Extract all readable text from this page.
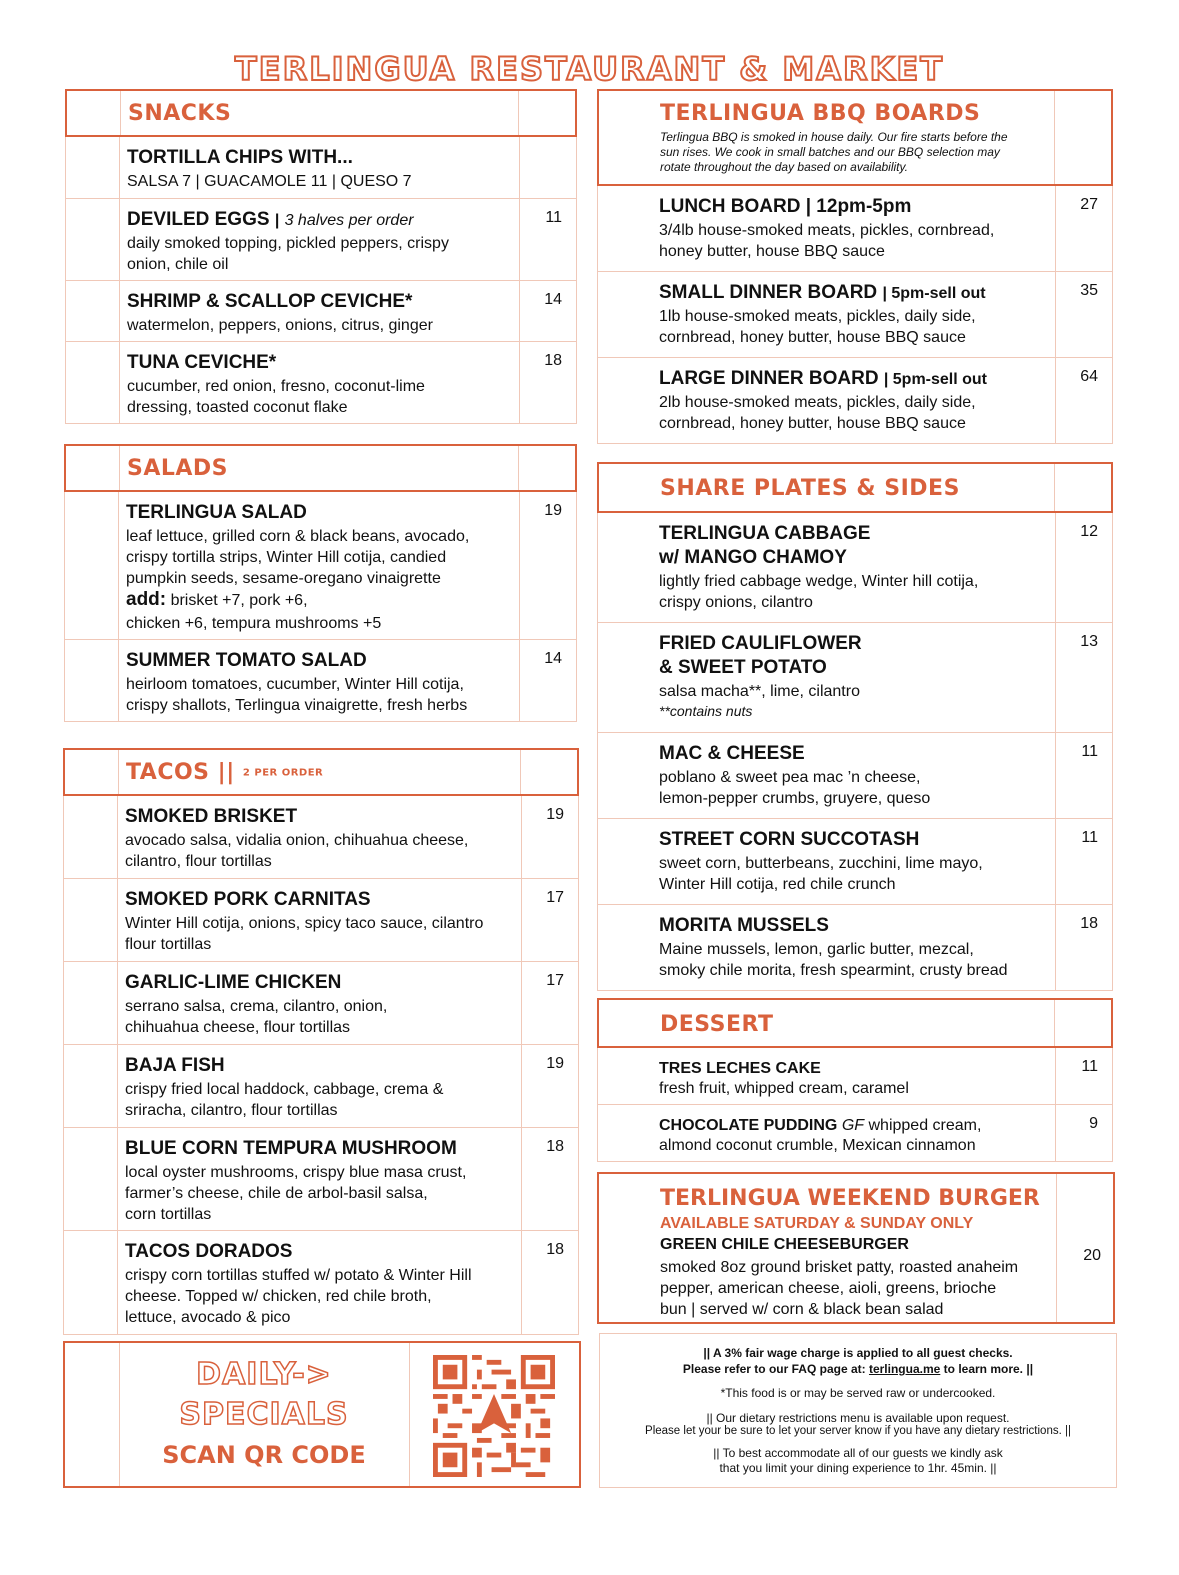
TERLINGUA RESTAURANT & MARKET
SNACKS
TORTILLA CHIPS WITH...
SALSA 7 | GUACAMOLE 11 | QUESO 7
DEVILED EGGS | 3 halves per order
daily smoked topping, pickled peppers, crispy
onion, chile oil
11
SHRIMP & SCALLOP CEVICHE*
watermelon, peppers, onions, citrus, ginger
14
TUNA CEVICHE*
cucumber, red onion, fresno, coconut-lime
dressing, toasted coconut flake
18
SALADS
TERLINGUA SALAD
leaf lettuce, grilled corn & black beans, avocado,
crispy tortilla strips, Winter Hill cotija, candied
pumpkin seeds, sesame-oregano vinaigrette
add: brisket +7, pork +6,
chicken +6, tempura mushrooms +5
19
SUMMER TOMATO SALAD
heirloom tomatoes, cucumber, Winter Hill cotija,
crispy shallots, Terlingua vinaigrette, fresh herbs
14
TACOS || 2 PER ORDER
SMOKED BRISKET
avocado salsa, vidalia onion, chihuahua cheese,
cilantro, flour tortillas
19
SMOKED PORK CARNITAS
Winter Hill cotija, onions, spicy taco sauce, cilantro
flour tortillas
17
GARLIC-LIME CHICKEN
serrano salsa, crema, cilantro, onion,
chihuahua cheese, flour tortillas
17
BAJA FISH
crispy fried local haddock, cabbage, crema &
sriracha, cilantro, flour tortillas
19
BLUE CORN TEMPURA MUSHROOM
local oyster mushrooms, crispy blue masa crust,
farmer’s cheese, chile de arbol-basil salsa,
corn tortillas
18
TACOS DORADOS
crispy corn tortillas stuffed w/ potato & Winter Hill
cheese. Topped w/ chicken, red chile broth,
lettuce, avocado & pico
18
DAILY->
SPECIALS
SCAN QR CODE
TERLINGUA BBQ BOARDS
Terlingua BBQ is smoked in house daily. Our fire starts before the
sun rises. We cook in small batches and our BBQ selection may
rotate throughout the day based on availability.
LUNCH BOARD | 12pm-5pm
3/4lb house-smoked meats, pickles, cornbread,
honey butter, house BBQ sauce
27
SMALL DINNER BOARD | 5pm-sell out
1lb house-smoked meats, pickles, daily side,
cornbread, honey butter, house BBQ sauce
35
LARGE DINNER BOARD | 5pm-sell out
2lb house-smoked meats, pickles, daily side,
cornbread, honey butter, house BBQ sauce
64
SHARE PLATES & SIDES
TERLINGUA CABBAGE
w/ MANGO CHAMOY
lightly fried cabbage wedge, Winter hill cotija,
crispy onions, cilantro
12
FRIED CAULIFLOWER
& SWEET POTATO
salsa macha**, lime, cilantro
**contains nuts
13
MAC & CHEESE
poblano & sweet pea mac ’n cheese,
lemon-pepper crumbs, gruyere, queso
11
STREET CORN SUCCOTASH
sweet corn, butterbeans, zucchini, lime mayo,
Winter Hill cotija, red chile crunch
11
MORITA MUSSELS
Maine mussels, lemon, garlic butter, mezcal,
smoky chile morita, fresh spearmint, crusty bread
18
DESSERT
TRES LECHES CAKE
fresh fruit, whipped cream, caramel
11
CHOCOLATE PUDDING GF whipped cream,
almond coconut crumble, Mexican cinnamon
9
TERLINGUA WEEKEND BURGER
AVAILABLE SATURDAY & SUNDAY ONLY
GREEN CHILE CHEESEBURGER
smoked 8oz ground brisket patty, roasted anaheim
pepper, american cheese, aioli, greens, brioche
bun | served w/ corn & black bean salad
20
|| A 3% fair wage charge is applied to all guest checks.
Please refer to our FAQ page at: terlingua.me to learn more. ||
*This food is or may be served raw or undercooked.
|| Our dietary restrictions menu is available upon request.
Please let your be sure to let your server know if you have any dietary restrictions. ||
|| To best accommodate all of our guests we kindly ask
that you limit your dining experience to 1hr. 45min. ||
